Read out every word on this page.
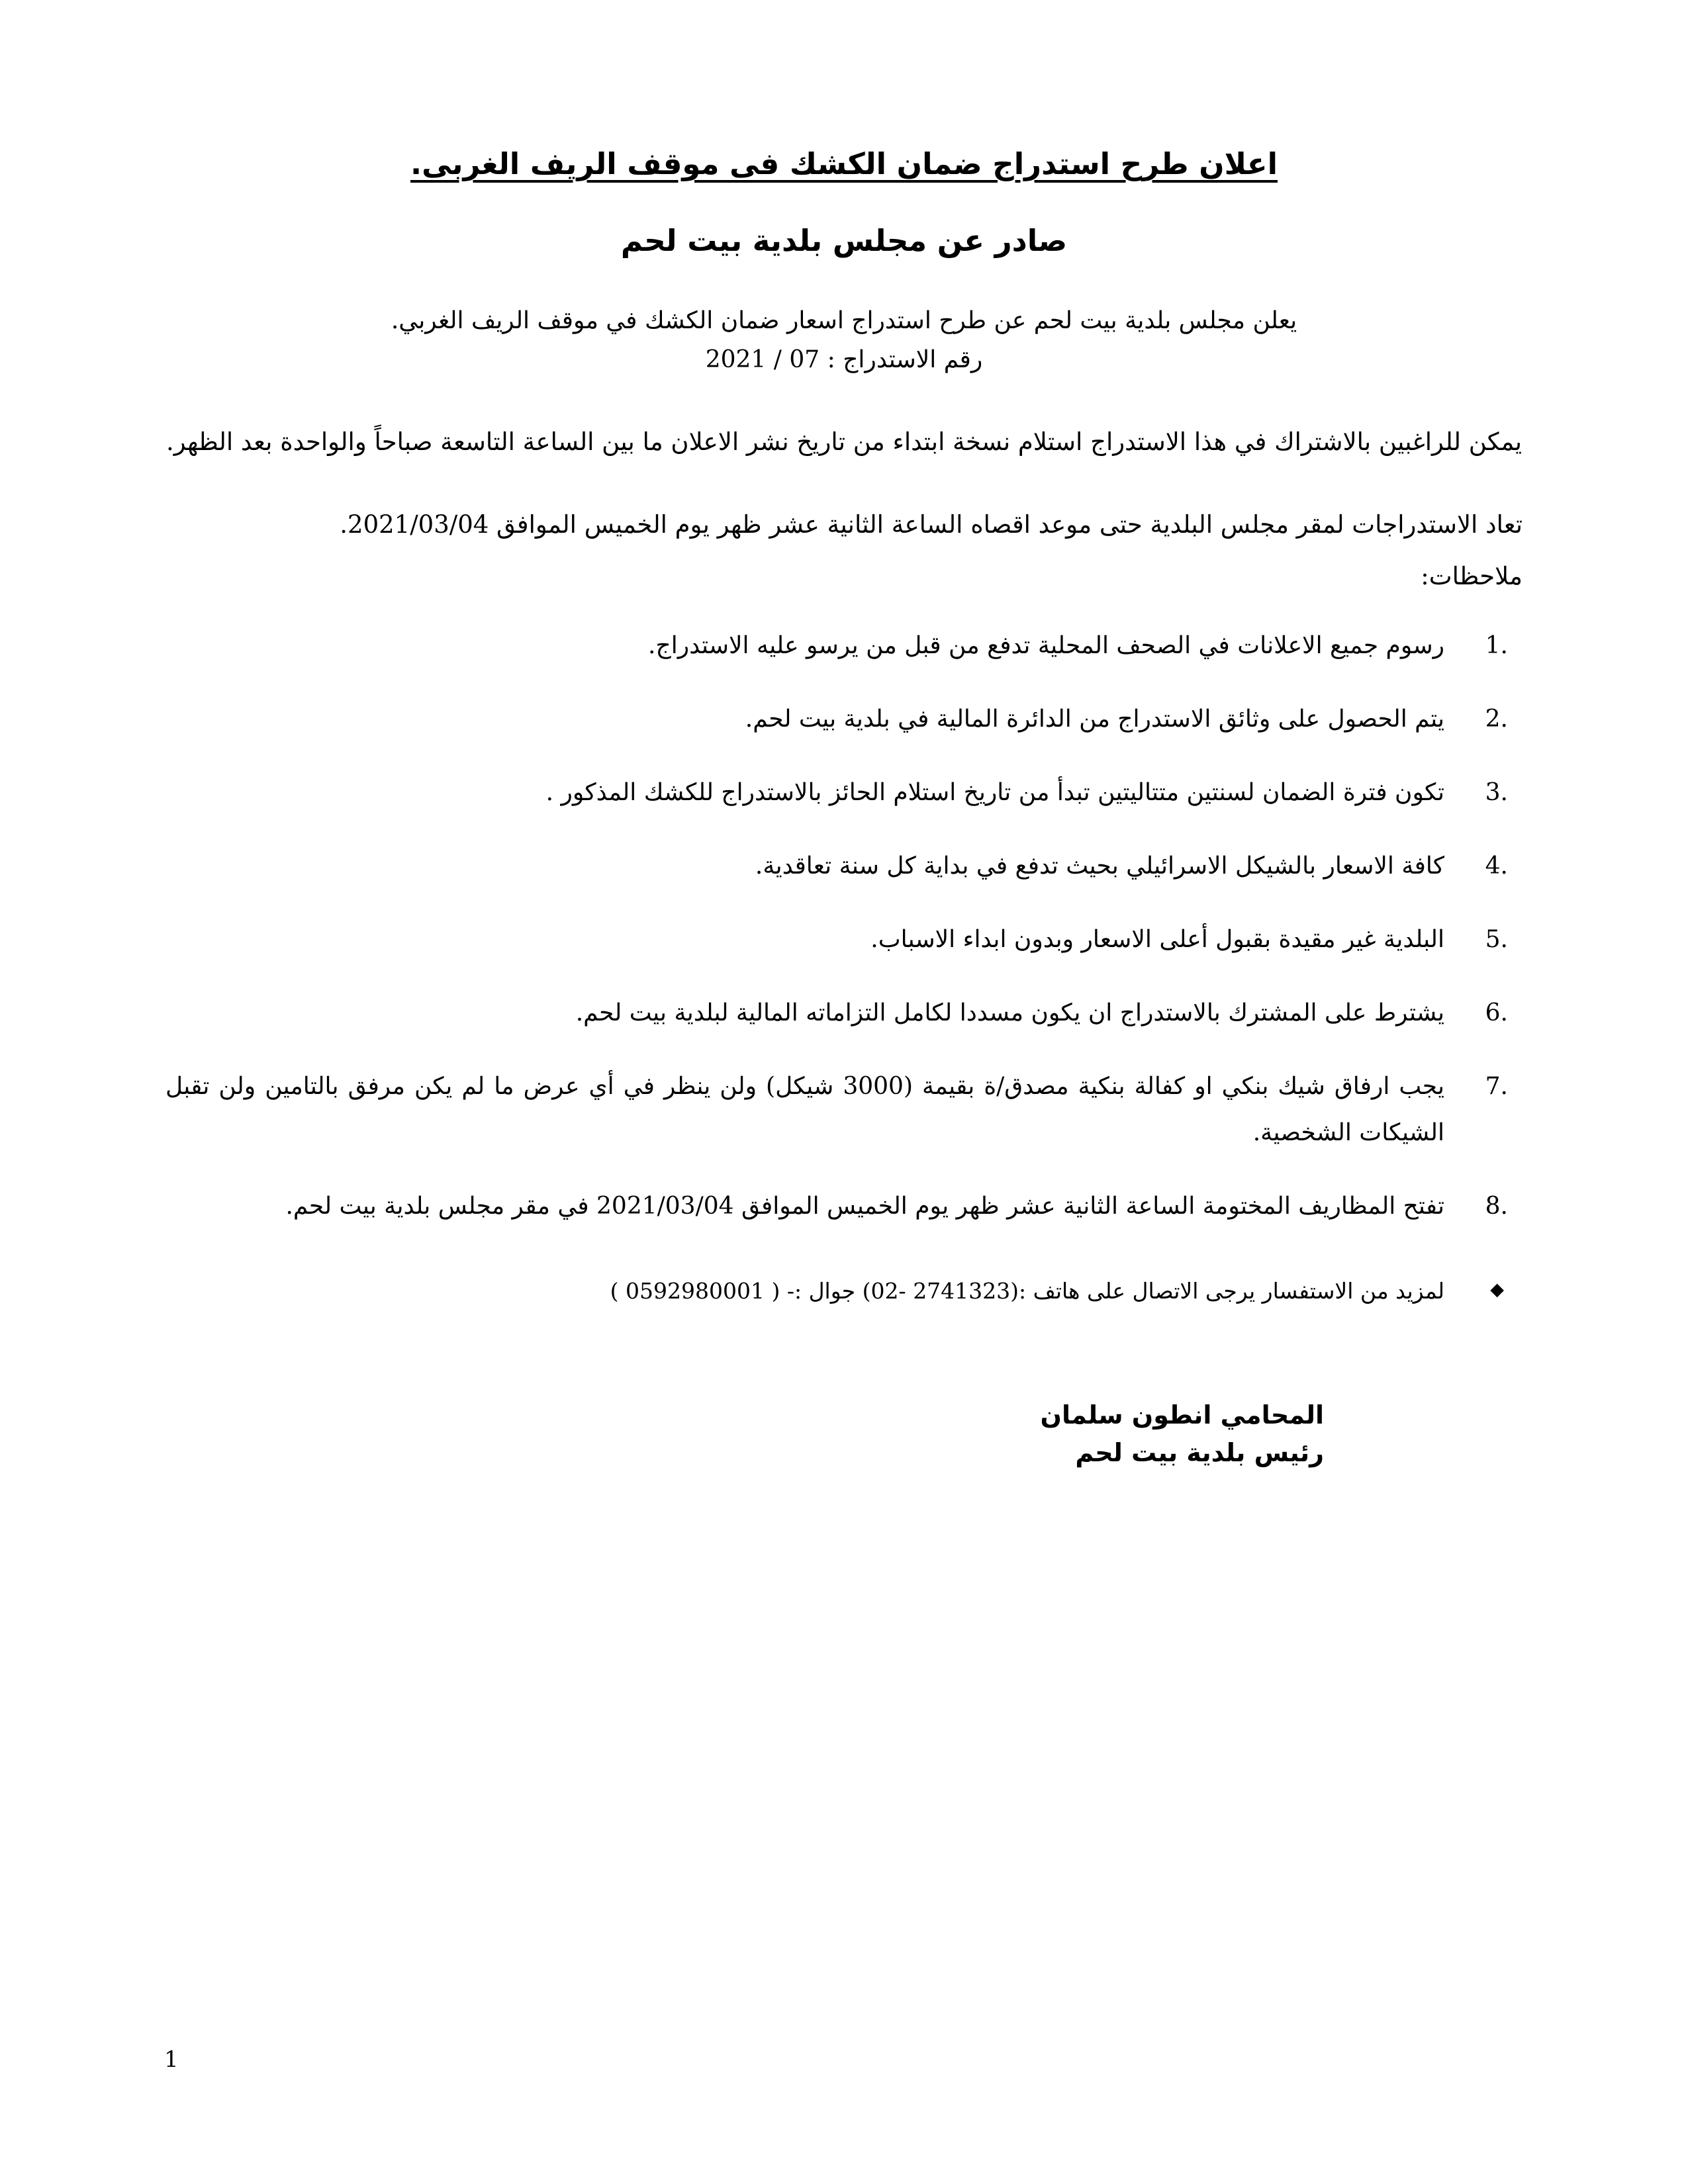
اعلان طرح استدراج ضمان الكشك فى موقف الريف الغربى.
صادر عن مجلس بلدية بيت لحم
يعلن مجلس بلدية بيت لحم عن طرح استدراج اسعار ضمان الكشك في موقف الريف الغربي.
رقم الاستدراج : 07 / 2021
يمكن للراغبين بالاشتراك في هذا الاستدراج استلام نسخة ابتداء من تاريخ نشر الاعلان ما بين الساعة التاسعة صباحاً والواحدة بعد الظهر.
تعاد الاستدراجات لمقر مجلس البلدية حتى موعد اقصاه الساعة الثانية عشر ظهر يوم الخميس الموافق 2021/03/04.
ملاحظات:
1.
رسوم جميع الاعلانات في الصحف المحلية تدفع من قبل من يرسو عليه الاستدراج.
2.
يتم الحصول على وثائق الاستدراج من الدائرة المالية في بلدية بيت لحم.
3.
تكون فترة الضمان لسنتين متتاليتين تبدأ من تاريخ استلام الحائز بالاستدراج للكشك المذكور .
4.
كافة الاسعار بالشيكل الاسرائيلي بحيث تدفع في بداية كل سنة تعاقدية.
5.
البلدية غير مقيدة بقبول أعلى الاسعار وبدون ابداء الاسباب.
6.
يشترط على المشترك بالاستدراج ان يكون مسددا لكامل التزاماته المالية لبلدية بيت لحم.
7.
يجب ارفاق شيك بنكي او كفالة بنكية مصدق/ة بقيمة (3000 شيكل) ولن ينظر في أي عرض ما لم يكن مرفق بالتامين ولن تقبل الشيكات الشخصية.
8.
تفتح المظاريف المختومة الساعة الثانية عشر ظهر يوم الخميس الموافق 2021/03/04 في مقر مجلس بلدية بيت لحم.
◆
لمزيد من الاستفسار يرجى الاتصال على هاتف :(2741323 -02) جوال :- ( 0592980001 )
المحامي انطون سلمان
رئيس بلدية بيت لحم
1
